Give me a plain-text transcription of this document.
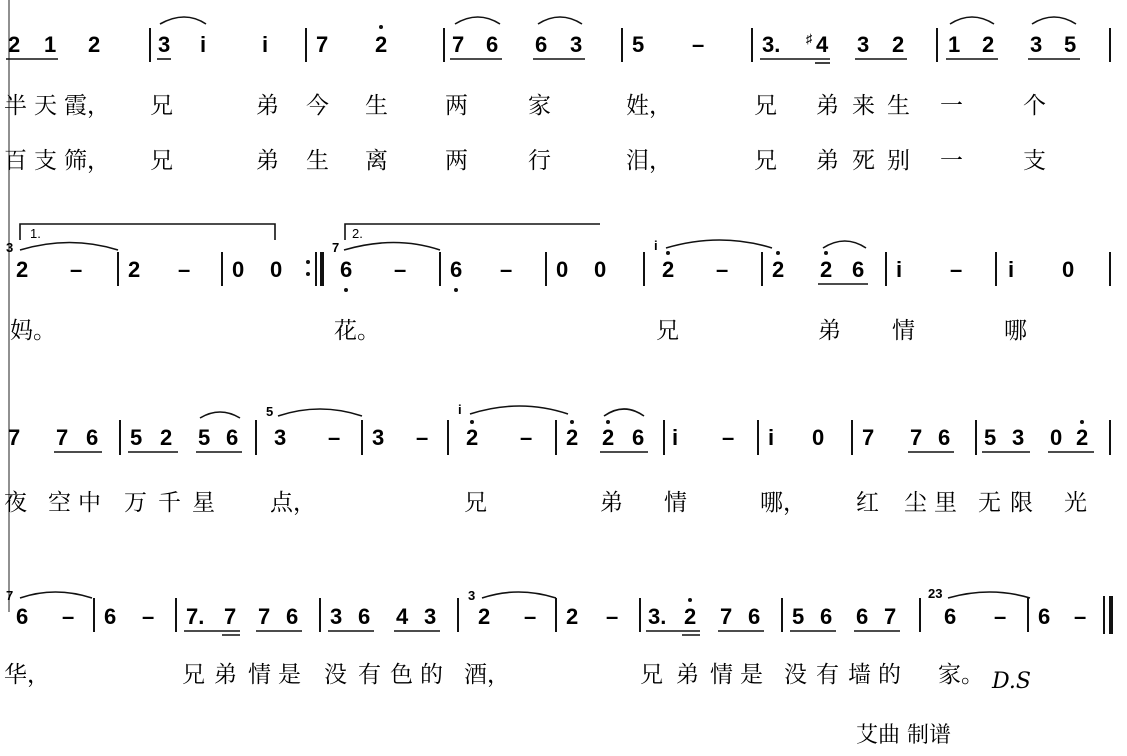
2 1 2	3 i	i 7 2	7 6 6 3 5 –	3. ♯ 4 3 2 1 2 3 5
半 天 霞， 兄	弟 今 生 两	家	姓，	兄 弟 来 生 一	个
百 支 筛， 兄	弟 生 离 两	行	泪，	兄 弟 死 别 一	支
1.	2.
3
2 – 2 – 0 0
7
6 – 6 – 0 0
i
2 – 2 2 6 i – i 0
妈。	花。	兄	弟 情	哪
7 7 6 5 2 5 6
5
3 – 3 –
i
2 – 2 2 6 i – i 0 7 7 6 5 3 0 2
夜 空 中 万 千 星 点，	兄	弟 情	哪， 红 尘 里 无 限 光
7
6 – 6 – 7. 7 7 6 3 6 4 3
3
2 – 2 – 3. 2 7 6 5 6 6 7
23
6 – 6 –
华，	兄 弟 情 是 没 有 色 的 酒，	兄 弟 情 是 没 有 墙 的 家。 D.S
艾曲 制谱
